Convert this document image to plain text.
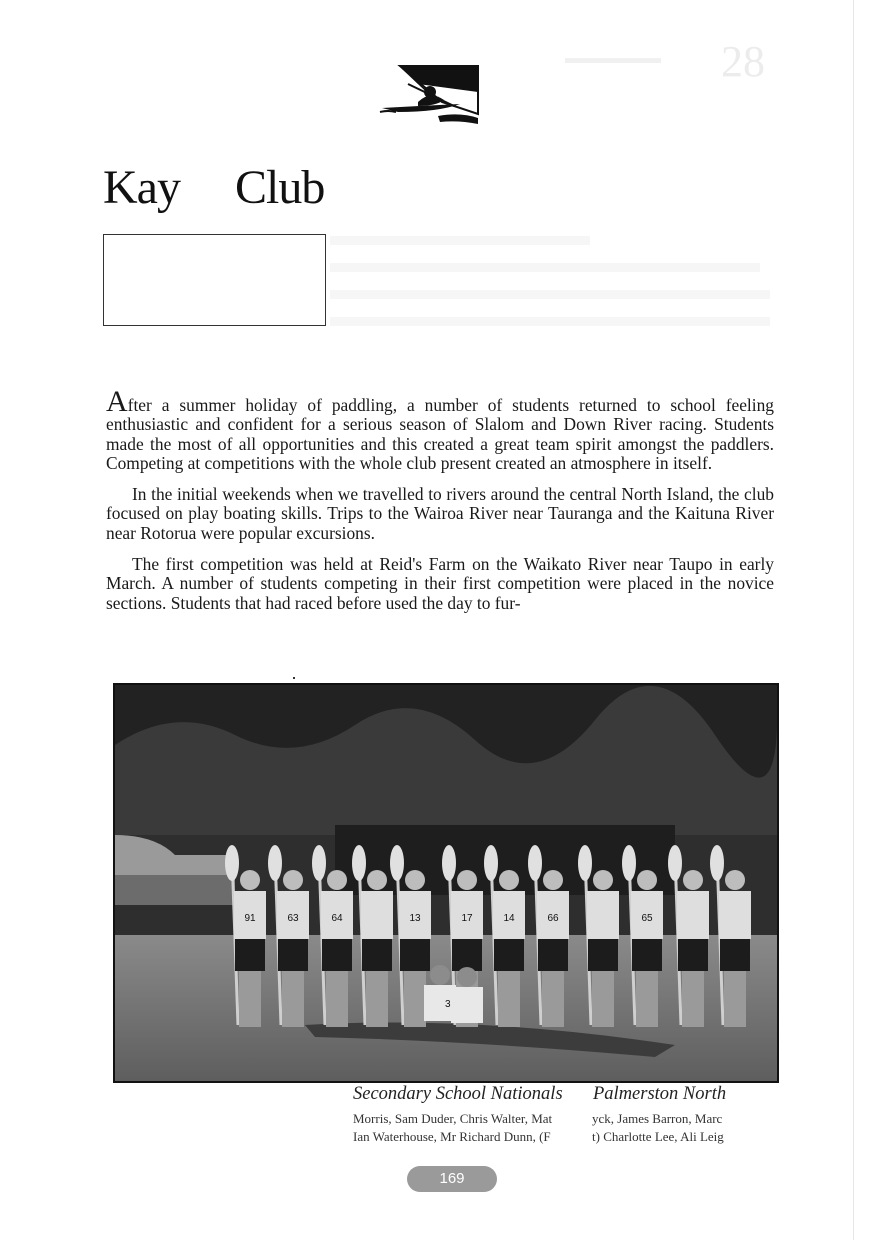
▬▬▬▬▬▬ 28
Kay Club

After a summer holiday of paddling, a number of students returned to school feeling enthusiastic and confident for a serious season of Slalom and Down River racing. Students made the most of all opportunities and this created a great team spirit amongst the paddlers. Competing at competitions with the whole club present created an atmosphere in itself.

In the initial weekends when we travelled to rivers around the central North Island, the club focused on play boating skills. Trips to the Wairoa River near Tauranga and the Kaituna River near Rotorua were popular excursions.

The first competition was held at Reid's Farm on the Waikato River near Taupo in early March. A number of students competing in their first competition were placed in the novice sections. Students that had raced before used the day to fur-

91	63	64	13	17	14	66	65
3
Secondary School Nationals Palmerston North
Morris, Sam Duder, Chris Walter, Mat	yck, James Barron, Marc
Ian Waterhouse, Mr Richard Dunn, (F	t) Charlotte Lee, Ali Leig
169
